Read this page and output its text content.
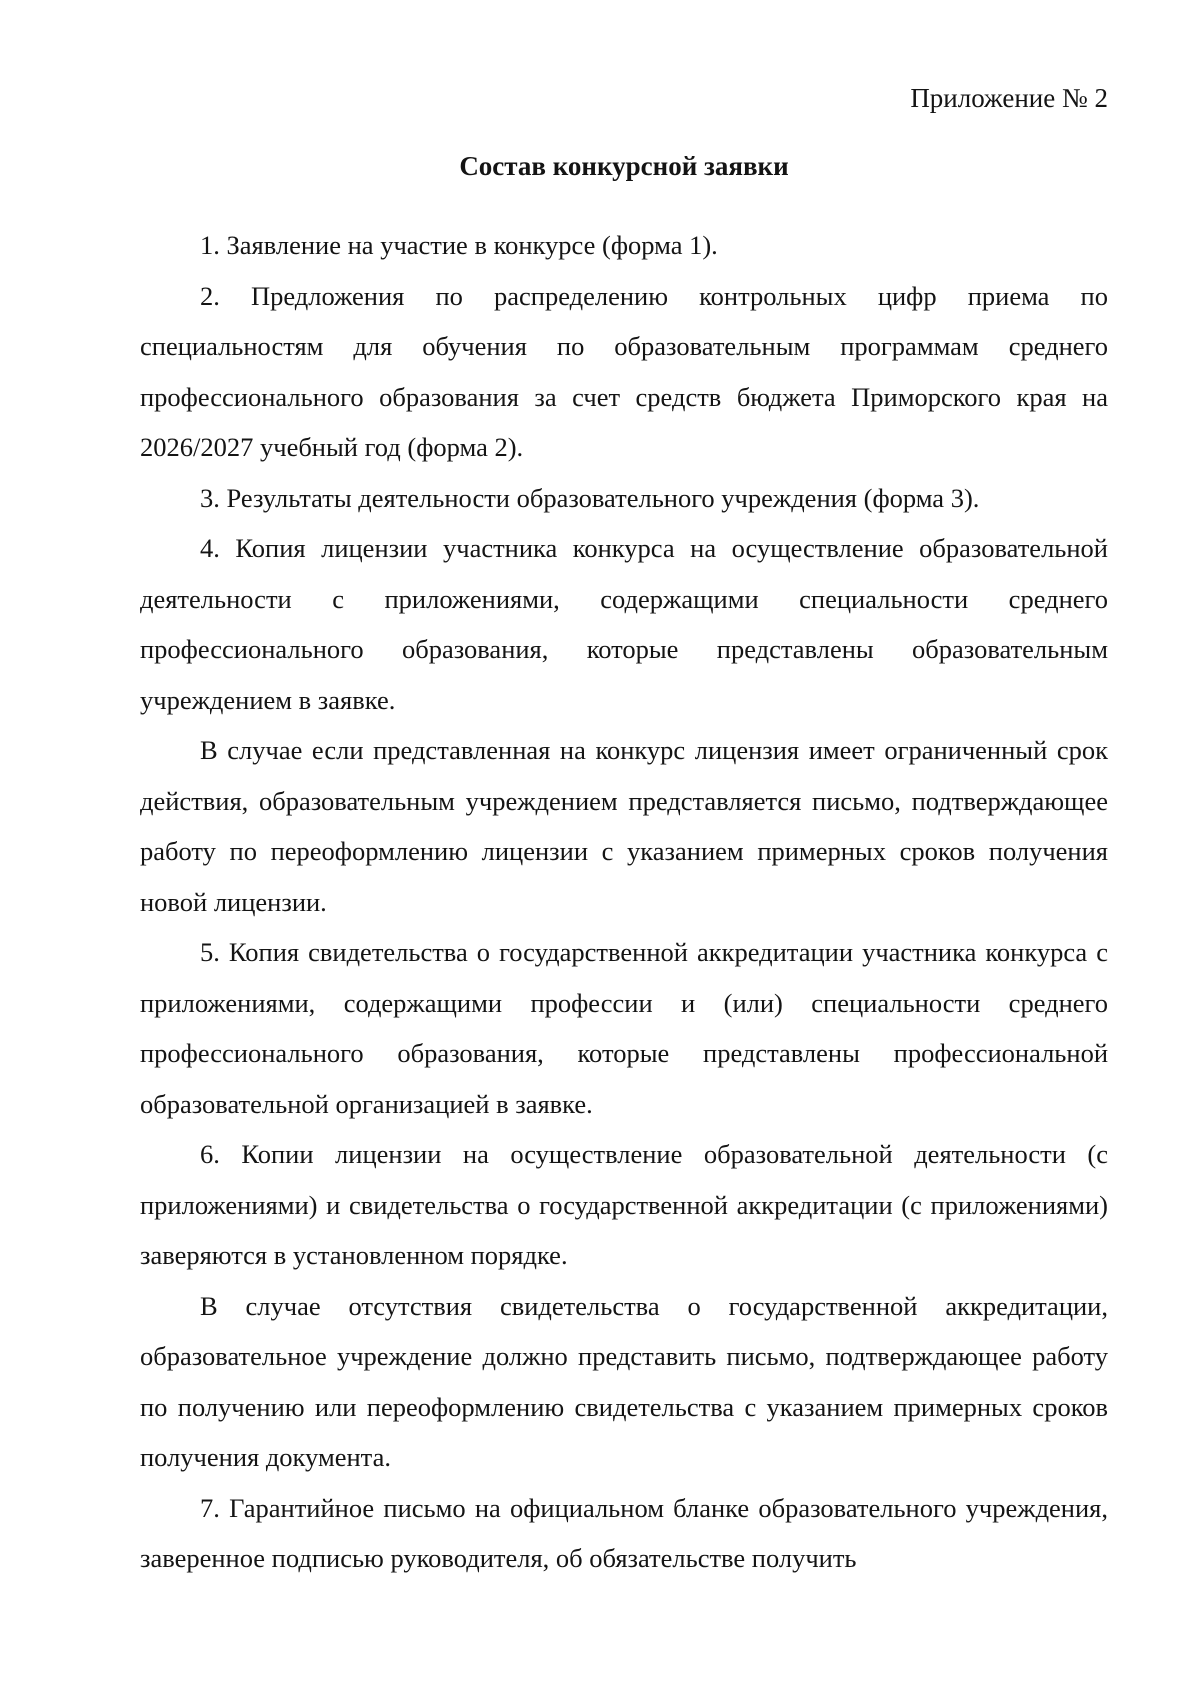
Приложение № 2

Состав конкурсной заявки

1. Заявление на участие в конкурсе (форма 1).

2. Предложения по распределению контрольных цифр приема по специальностям для обучения по образовательным программам среднего профессионального образования за счет средств бюджета Приморского края на 2026/2027 учебный год (форма 2).

3. Результаты деятельности образовательного учреждения (форма 3).

4. Копия лицензии участника конкурса на осуществление образовательной деятельности с приложениями, содержащими специальности среднего профессионального образования, которые представлены образовательным учреждением в заявке.

В случае если представленная на конкурс лицензия имеет ограниченный срок действия, образовательным учреждением представляется письмо, подтверждающее работу по переоформлению лицензии с указанием примерных сроков получения новой лицензии.

5. Копия свидетельства о государственной аккредитации участника конкурса с приложениями, содержащими профессии и (или) специальности среднего профессионального образования, которые представлены профессиональной образовательной организацией в заявке.

6. Копии лицензии на осуществление образовательной деятельности (с приложениями) и свидетельства о государственной аккредитации (с приложениями) заверяются в установленном порядке.

В случае отсутствия свидетельства о государственной аккредитации, образовательное учреждение должно представить письмо, подтверждающее работу по получению или переоформлению свидетельства с указанием примерных сроков получения документа.

7. Гарантийное письмо на официальном бланке образовательного учреждения, заверенное подписью руководителя, об обязательстве получить
